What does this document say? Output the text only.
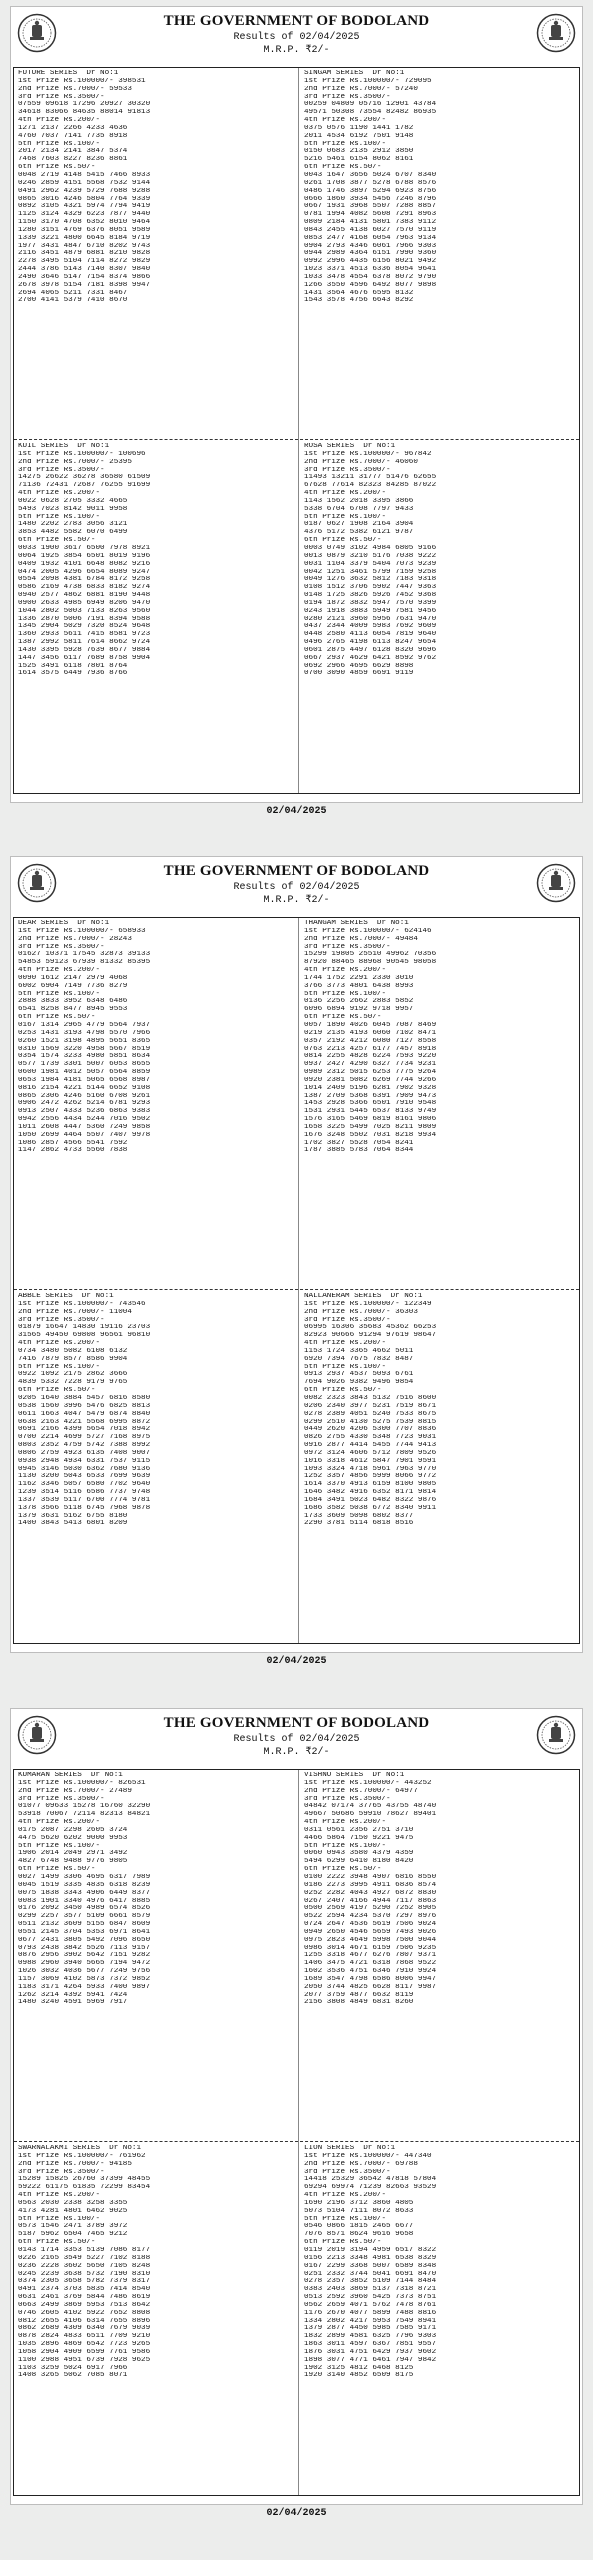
THE GOVERNMENT OF BODOLAND
Results of 02/04/2025
M.R.P. ₹2/-
FUTURE SERIES  Dr No:1
1st Prize Rs.100000/- 398531
2nd Prize Rs.7000/- 59533
3rd Prize Rs.3500/-
07559 09618 17296 20927 30320
34618 83066 84635 88014 91813
4th Prize Rs.200/-
1271 2137 2266 4233 4636
4760 7037 7141 7735 8918
5th Prize Rs.100/-
2017 2134 2141 3847 5374
7468 7603 8227 8236 8861
6th Prize Rs.50/-
0048 2719 4148 5415 7466 8933
0246 2859 4151 5568 7532 9144
0491 2962 4239 5729 7688 9288
0865 3016 4246 5804 7764 9339
0892 3105 4321 5974 7794 9419
1125 3124 4329 6223 7877 9440
1150 3170 4708 6352 8010 9464
1280 3151 4769 6376 8051 9589
1339 3221 4800 6645 8184 9719
1977 3431 4847 6710 8202 9743
2116 3451 4879 6881 8210 9828
2278 3495 5104 7114 8272 9829
2444 3786 5143 7140 8307 9840
2490 3646 5147 7154 8374 9866
2678 3978 5154 7181 8398 9947
2694 4065 5211 7331 8467
2700 4141 5379 7410 8670
SINGAM SERIES  Dr No:1
1st Prize Rs.100000/- 729095
2nd Prize Rs.7000/- 57240
3rd Prize Rs.3500/-
00259 04809 05716 12901 43784
49571 50308 73554 82482 86935
4th Prize Rs.200/-
0375 0576 1190 1441 1782
2011 4534 6192 7501 9148
5th Prize Rs.100/-
0150 0683 2135 2912 3850
5216 5461 6154 8062 8161
6th Prize Rs.50/-
0043 1647 3656 5024 6707 8340
0261 1708 3877 5278 6788 8576
0486 1746 3897 5294 6923 8756
0666 1860 3934 5456 7246 8796
0667 1931 3968 5507 7288 8857
0781 1994 4082 5608 7291 8963
0809 2184 4131 5801 7383 9112
0843 2455 4138 6027 7570 9119
0853 2477 4168 6054 7963 9134
0904 2793 4346 6061 7966 9303
0944 2989 4364 6151 7990 9360
0992 2996 4435 6156 8021 9492
1023 3371 4513 6336 8054 9641
1033 3478 4554 6378 8072 9790
1266 3550 4596 6492 8077 9898
1431 3564 4676 6595 8132
1543 3578 4756 6643 8292
KUIL SERIES  Dr No:1
1st Prize Rs.100000/- 100696
2nd Prize Rs.7000/- 25395
3rd Prize Rs.3500/-
14275 26622 36278 36580 61509
71136 72431 72687 76255 91699
4th Prize Rs.200/-
0022 0628 2705 3332 4665
5493 7023 8142 9011 9958
5th Prize Rs.100/-
1480 2202 2783 3056 3121
3853 4482 5582 6070 6499
6th Prize Rs.50/-
0033 1900 3617 6500 7978 8921
0064 1925 3854 6501 8019 9196
0409 1932 4101 6648 8082 9216
0474 2005 4296 6654 8089 9247
0554 2098 4381 6784 8172 9258
0586 2169 4738 6833 8182 9274
0940 2577 4862 6881 8190 9448
0900 2633 4985 6949 8206 9470
1044 2802 5003 7133 8263 9560
1336 2870 5006 7191 8394 9588
1345 2904 5029 7320 8524 9648
1360 2933 5611 7415 8581 9723
1387 2992 5811 7614 8662 9724
1430 3395 5928 7639 8677 9884
1447 3456 6117 7689 8758 9904
1525 3491 6118 7801 8764
1614 3575 6449 7936 8766
ROSA SERIES  Dr No:1
1st Prize Rs.100000/- 967842
2nd Prize Rs.7000/- 46060
3rd Prize Rs.3500/-
11493 13211 31777 51476 62655
67628 77614 82323 84285 87022
4th Prize Rs.200/-
1143 1562 2018 3395 3866
5338 6704 6708 7797 9433
5th Prize Rs.100/-
0187 0627 1908 2164 3904
4376 5172 5382 6121 9787
6th Prize Rs.50/-
0003 0749 3102 4984 6805 9166
0013 0879 3210 5176 7038 9222
0031 1104 3379 5404 7073 9239
0042 1251 3461 5799 7159 9258
0049 1276 3632 5812 7183 9318
0108 1512 3706 5902 7447 9363
0148 1725 3826 5926 7452 9368
0194 1872 3832 5947 7570 9399
0243 1918 3883 5949 7581 9456
0280 2121 3960 5956 7631 9470
0437 2344 4009 5983 7692 9609
0448 2580 4113 6054 7819 9640
0496 2765 4198 6113 8247 9654
0601 2875 4497 6128 8320 9696
0667 2937 4629 6421 8592 9762
0692 2966 4695 6629 8898
0700 3090 4859 6691 9119
02/04/2025
THE GOVERNMENT OF BODOLAND
Results of 02/04/2025
M.R.P. ₹2/-
DEAR SERIES  Dr No:1
1st Prize Rs.100000/- 658933
2nd Prize Rs.7000/- 28243
3rd Prize Rs.3500/-
01627 10371 17545 32873 39133
54853 59123 67939 81332 85395
4th Prize Rs.200/-
0090 1612 2147 2979 4068
6002 6904 7149 7736 8279
5th Prize Rs.100/-
2888 3833 3952 6348 6486
6541 8258 8477 8945 9553
6th Prize Rs.50/-
0167 1314 2965 4779 5564 7937
0253 1431 3193 4798 5570 7966
0260 1521 3198 4895 5651 8365
0310 1569 3220 4958 5667 8519
0354 1574 3233 4980 5851 8634
0577 1739 3301 5007 6053 8655
0600 1981 4012 5057 6564 8859
0653 1984 4181 5065 6568 8987
0816 2154 4221 5144 6652 9108
0865 2306 4246 5160 6708 9261
0906 2472 4262 5214 6781 9293
0913 2507 4333 5236 6863 9383
0942 2556 4434 5244 7016 9502
1011 2608 4447 5360 7249 9858
1050 2699 4464 5507 7407 9978
1086 2857 4566 5541 7592
1147 2862 4733 5560 7838
THANGAM SERIES  Dr No:1
1st Prize Rs.100000/- 624146
2nd Prize Rs.7000/- 49484
3rd Prize Rs.3500/-
15299 19805 25510 49962 70356
87920 88465 88968 90545 98058
4th Prize Rs.200/-
1744 1752 2291 2330 3010
3766 3773 4801 6438 8993
5th Prize Rs.100/-
0136 2256 2662 2883 5852
6096 6894 9192 9718 9957
6th Prize Rs.50/-
0057 1890 4026 6045 7087 8469
0219 2135 4193 6060 7102 8471
0357 2192 4212 6080 7127 8558
0763 2213 4257 6177 7457 8918
0814 2255 4828 6224 7593 9220
0937 2427 4290 6327 7734 9231
0989 2312 5015 6253 7775 9264
0920 2381 5082 6269 7744 9266
1014 2409 5196 6281 7902 9328
1387 2709 5368 6391 7909 9473
1453 2928 5366 6501 7910 9548
1531 2931 5445 6537 8133 9749
1576 3165 5469 6819 8161 9806
1658 3225 5499 7025 8211 9809
1676 3248 5502 7031 8218 9934
1702 3827 5528 7054 8241
1787 3885 5783 7064 8344
ABBLE SERIES  Dr No:1
1st Prize Rs.100000/- 743546
2nd Prize Rs.7000/- 11004
3rd Prize Rs.3500/-
01879 16647 14830 19116 23703
31565 49450 69808 96561 96810
4th Prize Rs.200/-
0734 3480 5082 6108 6132
7416 7879 8577 8586 9904
5th Prize Rs.100/-
0922 1092 2175 2862 3666
4839 5332 7228 9179 9765
6th Prize Rs.50/-
0205 1640 3884 5457 6816 8580
0538 1560 3996 5476 6825 8813
0611 1663 4047 5479 6874 8840
0638 2163 4221 5568 6995 8872
0691 2166 4399 5654 7018 8942
0700 2214 4699 5727 7168 8975
0803 2352 4759 5742 7388 8992
0806 2759 4923 6135 7408 9007
0938 2948 4934 6331 7537 9115
0945 3146 5030 6362 7680 9136
1130 3200 5043 6533 7699 9639
1162 3346 5057 6580 7702 9640
1239 3514 5116 6586 7737 9748
1337 3539 5117 6700 7774 9781
1378 3566 5118 6745 7968 9878
1379 3631 5162 6755 8180
1400 3843 5413 6801 8209
NALLANERAM SERIES  Dr No:1
1st Prize Rs.100000/- 122349
2nd Prize Rs.7000/- 36303
3rd Prize Rs.3500/-
06995 16306 35683 45362 66253
82923 90666 91294 97619 98647
4th Prize Rs.200/-
1153 1724 3365 4662 5011
6920 7394 7675 7832 8487
5th Prize Rs.100/-
0913 2937 4537 5093 6761
7694 9026 9382 9496 9854
6th Prize Rs.50/-
0082 2323 3843 5132 7516 8600
0206 2340 3977 5231 7519 8671
0278 2389 4051 5240 7533 8675
0299 2510 4130 5275 7539 8815
0449 2620 4206 5300 7707 8836
0826 2755 4330 5348 7723 9031
0916 2877 4414 5455 7744 9413
0972 3124 4606 5712 7809 9526
1016 3318 4612 5847 7901 9591
1093 3324 4718 5961 7963 9770
1252 3357 4856 5999 8066 9772
1614 3370 4913 6159 8100 9805
1646 3482 4916 6352 8171 9814
1684 3491 5023 6482 8322 9876
1686 3582 5038 6772 8340 9911
1733 3609 5098 6802 8377
2290 3781 5114 6818 8516
02/04/2025
THE GOVERNMENT OF BODOLAND
Results of 02/04/2025
M.R.P. ₹2/-
KUMARAN SERIES  Dr No:1
1st Prize Rs.100000/- 826531
2nd Prize Rs.7000/- 27489
3rd Prize Rs.3500/-
01077 09633 15278 16760 32290
53918 70067 72114 82313 84821
4th Prize Rs.200/-
0175 2087 2298 2605 3724
4475 5620 6202 9000 9953
5th Prize Rs.100/-
1906 2014 2049 2971 3492
4827 6748 9488 9776 9805
6th Prize Rs.50/-
0027 1499 3306 4695 6317 7989
0045 1519 3335 4835 6318 8239
0075 1838 3343 4906 6449 8377
0083 1901 3340 4976 6417 8885
0176 2092 3450 4989 6574 8526
0299 2257 3577 5109 6661 8579
0511 2132 3609 5155 6847 8609
0551 2145 3704 5353 6971 8641
0677 2431 3805 5492 7096 8650
0793 2438 3842 5526 7113 9157
0876 2956 3902 5642 7151 9282
0988 2960 3940 5665 7194 9472
1026 3032 4036 5677 7249 9756
1157 3069 4102 5873 7372 9852
1183 3171 4264 5933 7400 9897
1262 3214 4392 5941 7424
1480 3240 4591 5969 7917
VISHNU SERIES  Dr No:1
1st Prize Rs.100000/- 443252
2nd Prize Rs.7000/- 64977
3rd Prize Rs.3500/-
04842 07174 37765 43755 48740
49667 50686 59910 78627 89401
4th Prize Rs.200/-
0311 0561 2356 2751 3710
4466 5864 7150 9221 9475
5th Prize Rs.100/-
0060 0943 3580 4379 4359
5494 6299 6410 8180 8420
6th Prize Rs.50/-
0100 2222 3948 4907 6816 8550
0186 2273 3995 4911 6836 8574
0252 2282 4043 4927 6872 8830
0267 2407 4166 4944 7117 8863
0500 2569 4197 5290 7252 8905
0522 2594 4234 5370 7297 8976
0724 2647 4536 5619 7506 9024
0949 2650 4546 5659 7493 9026
0975 2823 4649 5998 7500 9044
0986 3014 4671 6159 7506 9235
1255 3318 4677 6276 7807 9371
1406 3475 4721 6318 7868 9522
1602 3536 4751 6346 7910 9924
1689 3547 4798 6586 8006 9947
2050 3744 4825 6628 8117 9987
2077 3759 4877 6632 8119
2156 3808 4849 6831 8260
SWARNALAKMI SERIES  Dr No:1
1st Prize Rs.100000/- 761962
2nd Prize Rs.7000/- 94185
3rd Prize Rs.3500/-
15289 15825 26760 37399 48455
59222 61175 61835 72299 83454
4th Prize Rs.200/-
0563 2030 2338 3258 3355
4173 4281 4801 6462 9025
5th Prize Rs.100/-
0573 1546 2471 3789 3972
5187 5962 6504 7465 9212
6th Prize Rs.50/-
0143 1714 3353 5139 7086 8177
0226 2165 3549 5227 7102 8188
0236 2228 3602 5650 7105 8248
0245 2239 3638 5732 7190 8310
0374 2305 3658 5782 7379 8317
0491 2374 3703 5835 7414 8540
0631 2461 3769 5844 7486 8619
0663 2499 3869 5953 7513 8642
0746 2605 4102 5922 7652 8808
0812 2655 4106 6314 7655 8896
0862 2689 4309 6340 7679 9039
0878 2824 4833 6511 7709 9210
1035 2896 4869 6542 7723 9265
1058 2904 4909 6599 7761 9586
1100 2988 4951 6739 7928 9625
1103 3259 5024 6917 7966
1408 3265 5062 7085 8071
LION SERIES  Dr No:1
1st Prize Rs.100000/- 447340
2nd Prize Rs.7000/- 69788
3rd Prize Rs.3500/-
14418 25329 36542 47818 57804
69294 69974 71239 82663 93529
4th Prize Rs.200/-
1690 2196 3712 3860 4805
5073 5104 7111 8072 8633
5th Prize Rs.100/-
0546 0866 1815 2465 6677
7076 8571 8624 9616 9658
6th Prize Rs.50/-
0119 2019 3194 4959 6517 8322
0156 2213 3348 4981 6538 8329
0167 2299 3368 5007 6589 8348
0251 2332 3744 5041 6691 8470
0278 2357 3852 5109 7144 8484
0383 2403 3869 5137 7318 8721
0513 2592 3960 5425 7373 8751
0562 2659 4071 5762 7478 8761
1176 2670 4077 5899 7488 8816
1334 2802 4217 5953 7549 8941
1379 2877 4450 5985 7585 9171
1832 2899 4581 6325 7796 9303
1863 3011 4597 6367 7851 9557
1876 3031 4751 6429 7937 9602
1898 3077 4771 6461 7947 9842
1902 3125 4812 6468 8125
1920 3140 4852 6509 8175
02/04/2025
